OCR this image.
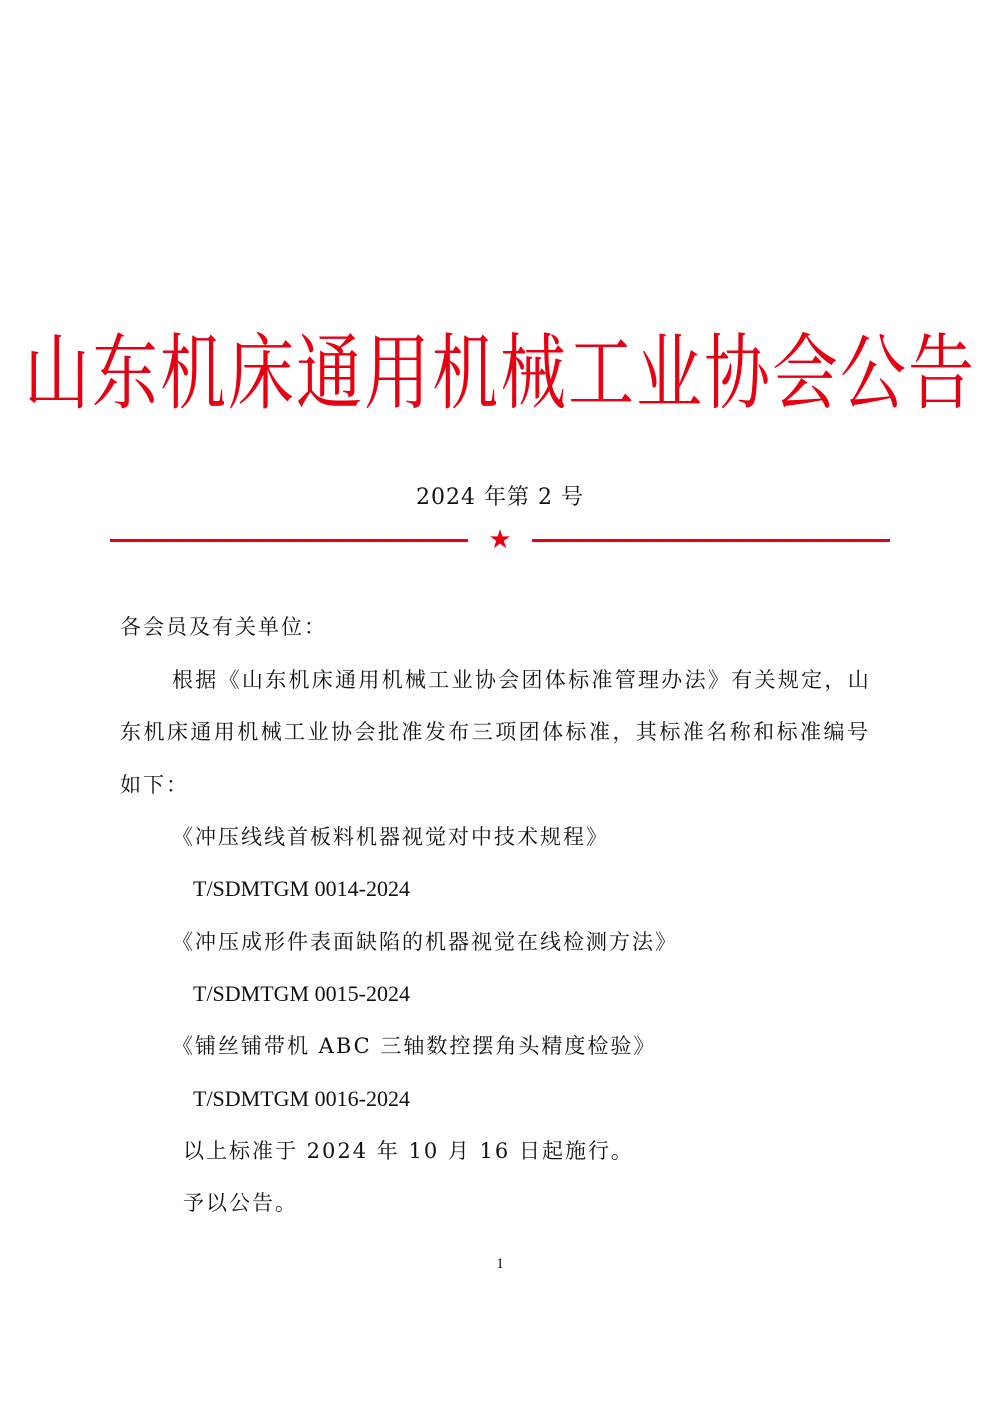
山东机床通用机械工业协会公告
2024 年第 2 号
★
各会员及有关单位：
根据《山东机床通用机械工业协会团体标准管理办法》有关规定，山
东机床通用机械工业协会批准发布三项团体标准，其标准名称和标准编号
如下：
《冲压线线首板料机器视觉对中技术规程》
T/SDMTGM 0014-2024
《冲压成形件表面缺陷的机器视觉在线检测方法》
T/SDMTGM 0015-2024
《铺丝铺带机 ABC 三轴数控摆角头精度检验》
T/SDMTGM 0016-2024
以上标准于 2024 年 10 月 16 日起施行。
予以公告。
1
